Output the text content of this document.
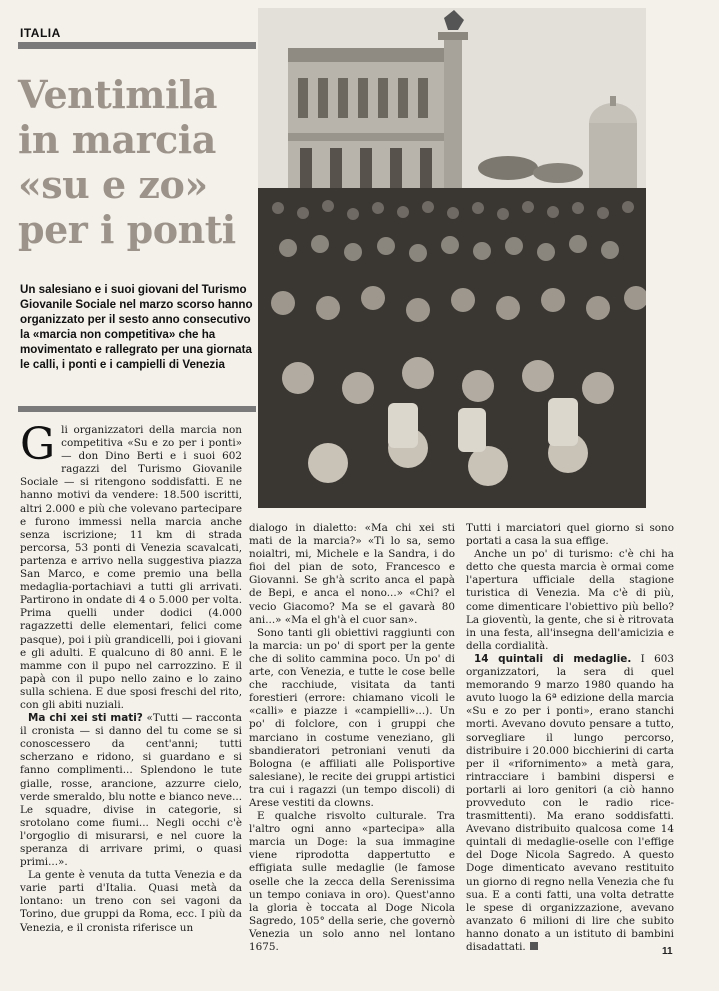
ITALIA
Ventimila
in marcia
«su e zo»
per i ponti
Un salesiano e i suoi giovani del Turismo Giovanile Sociale nel marzo scorso hanno organizzato per il sesto anno consecutivo la «marcia non competitiva» che ha movimentato e rallegrato per una giornata le calli, i ponti e i campielli di Venezia

Gli organizzatori della marcia non competitiva «Su e zo per i ponti» — don Dino Berti e i suoi 602 ragazzi del Turismo Giovanile Sociale — si ritengono soddisfatti. E ne hanno motivi da vendere: 18.500 iscritti, altri 2.000 e più che volevano partecipare e furono immessi nella marcia anche senza iscrizione; 11 km di strada percorsa, 53 ponti di Venezia scavalcati, partenza e arrivo nella suggestiva piazza San Marco, e come premio una bella medaglia-portachiavi a tutti gli arrivati. Partirono in ondate di 4 o 5.000 per volta. Prima quelli under dodici (4.000 ragazzetti delle elementari, felici come pasque), poi i più grandicelli, poi i giovani e gli adulti. E qualcuno di 80 anni. E le mamme con il pupo nel carrozzino. E il papà con il pupo nello zaino e lo zaino sulla schiena. E due sposi freschi del rito, con gli abiti nuziali.

Ma chi xei sti mati? «Tutti — racconta il cronista — si danno del tu come se si conoscessero da cent'anni; tutti scherzano e ridono, si guardano e si fanno complimenti... Splendono le tute gialle, rosse, arancione, azzurre cielo, verde smeraldo, blu notte e bianco neve... Le squadre, divise in categorie, si srotolano come fiumi... Negli occhi c'è l'orgoglio di misurarsi, e nel cuore la speranza di arrivare primi, o quasi primi...».

La gente è venuta da tutta Venezia e da varie parti d'Italia. Quasi metà da lontano: un treno con sei vagoni da Torino, due gruppi da Roma, ecc. I più da Venezia, e il cronista riferisce un

dialogo in dialetto: «Ma chi xei sti mati de la marcia?» «Ti lo sa, semo noialtri, mi, Michele e la Sandra, i do fioi del pian de soto, Francesco e Giovanni. Se gh'à scrito anca el papà de Bepi, e anca el nono...» «Chi? el vecio Giacomo? Ma se el gavarà 80 ani...» «Ma el gh'à el cuor san».

Sono tanti gli obiettivi raggiunti con la marcia: un po' di sport per la gente che di solito cammina poco. Un po' di arte, con Venezia, e tutte le cose belle che racchiude, visitata da tanti forestieri (errore: chiamano vicoli le «calli» e piazze i «campielli»...). Un po' di folclore, con i gruppi che marciano in costume veneziano, gli sbandieratori petroniani venuti da Bologna (e affiliati alle Polisportive salesiane), le recite dei gruppi artistici tra cui i ragazzi (un tempo discoli) di Arese vestiti da clowns.

E qualche risvolto culturale. Tra l'altro ogni anno «partecipa» alla marcia un Doge: la sua immagine viene riprodotta dappertutto e effigiata sulle medaglie (le famose oselle che la zecca della Serenissima un tempo coniava in oro). Quest'anno la gloria è toccata al Doge Nicola Sagredo, 105° della serie, che governò Venezia un solo anno nel lontano 1675.

Tutti i marciatori quel giorno si sono portati a casa la sua effige.

Anche un po' di turismo: c'è chi ha detto che questa marcia è ormai come l'apertura ufficiale della stagione turistica di Venezia. Ma c'è di più, come dimenticare l'obiettivo più bello? La gioventù, la gente, che si è ritrovata in una festa, all'insegna dell'amicizia e della cordialità.

14 quintali di medaglie. I 603 organizzatori, la sera di quel memorando 9 marzo 1980 quando ha avuto luogo la 6ª edizione della marcia «Su e zo per i ponti», erano stanchi morti. Avevano dovuto pensare a tutto, sorvegliare il lungo percorso, distribuire i 20.000 bicchierini di carta per il «rifornimento» a metà gara, rintracciare i bambini dispersi e portarli ai loro genitori (a ciò hanno provveduto con le radio rice-trasmittenti). Ma erano soddisfatti. Avevano distribuito qualcosa come 14 quintali di medaglie-oselle con l'effige del Doge Nicola Sagredo. A questo Doge dimenticato avevano restituito un giorno di regno nella Venezia che fu sua. E a conti fatti, una volta detratte le spese di organizzazione, avevano avanzato 6 milioni di lire che subito hanno donato a un istituto di bambini disadattati.	11
